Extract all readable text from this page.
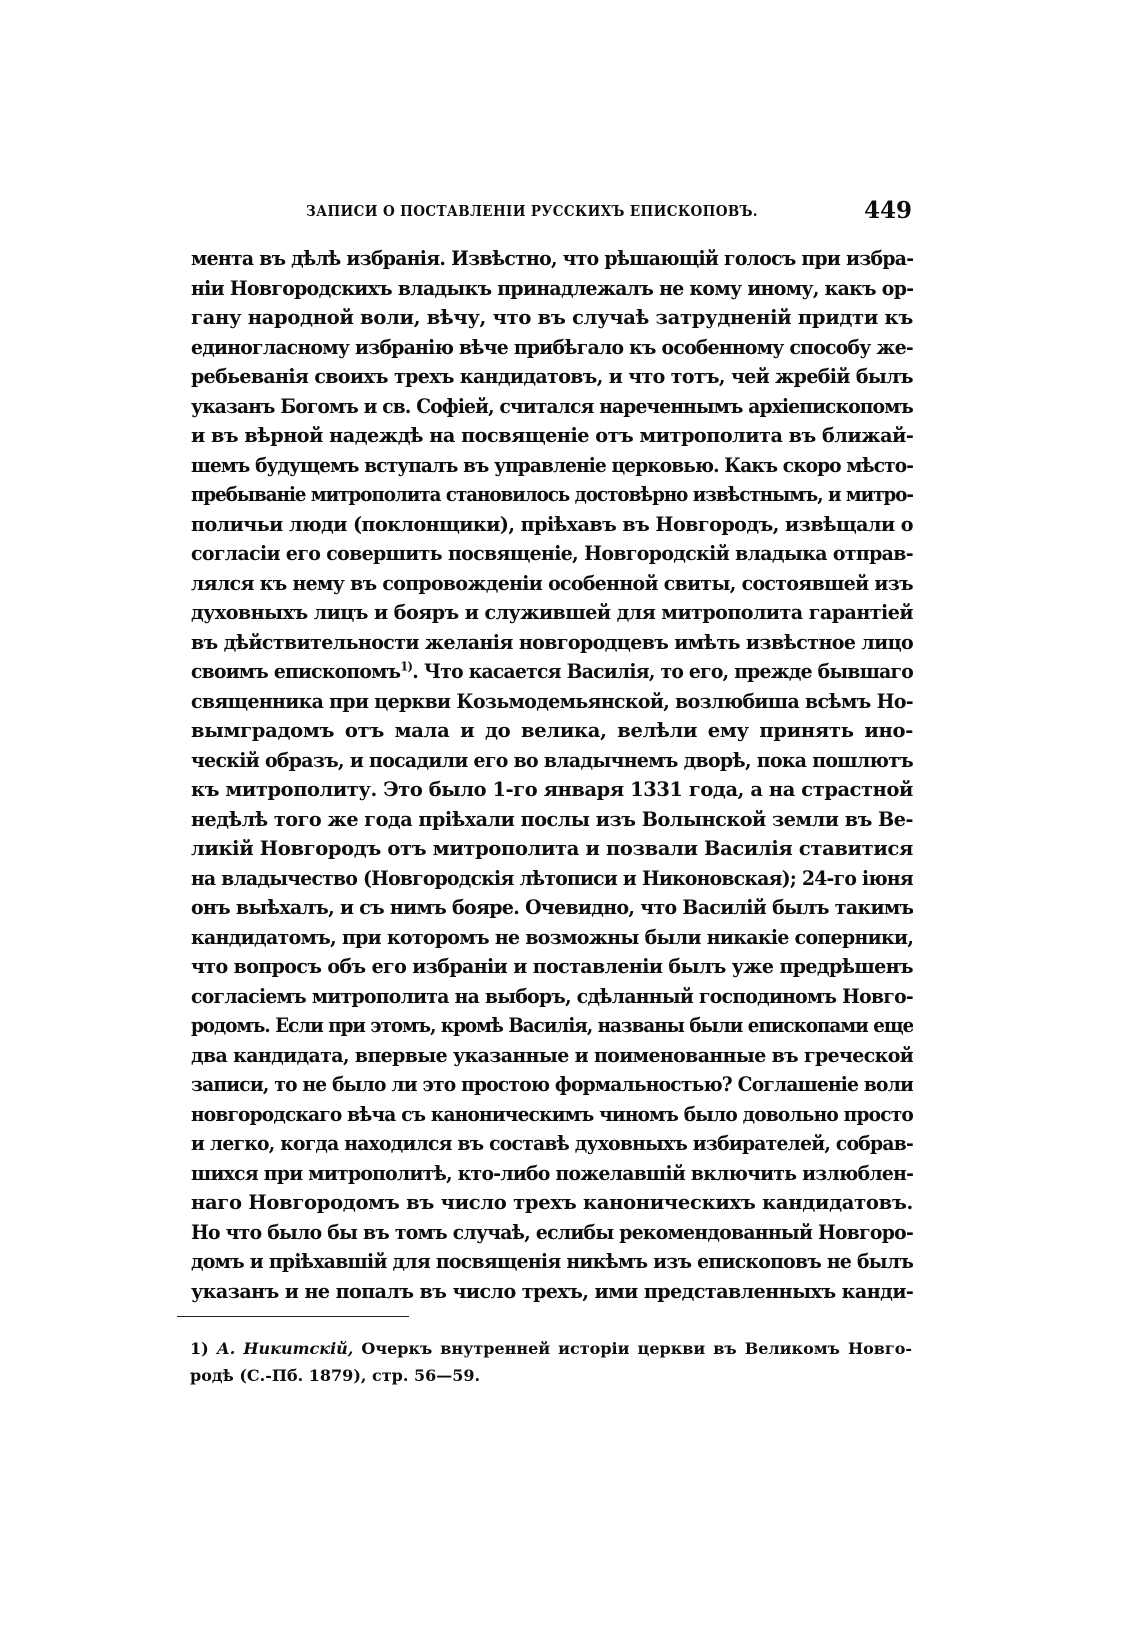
ЗАПИСИ О ПОСТАВЛЕНІИ РУССКИХЪ ЕПИСКОПОВЪ.	449
мента въ дѣлѣ избранія. Извѣстно, что рѣшающій голосъ при избра-
ніи Новгородскихъ владыкъ принадлежалъ не кому иному, какъ ор-
гану народной воли, вѣчу, что въ случаѣ затрудненій придти къ
единогласному избранію вѣче прибѣгало къ особенному способу же-
ребьеванія своихъ трехъ кандидатовъ, и что тотъ, чей жребій былъ
указанъ Богомъ и св. Софіей, считался нареченнымъ архіепископомъ
и въ вѣрной надеждѣ на посвященіе отъ митрополита въ ближай-
шемъ будущемъ вступалъ въ управленіе церковью. Какъ скоро мѣсто-
пребываніе митрополита становилось достовѣрно извѣстнымъ, и митро-
поличьи люди (поклонщики), пріѣхавъ въ Новгородъ, извѣщали о
согласіи его совершить посвященіе, Новгородскій владыка отправ-
лялся къ нему въ сопровожденіи особенной свиты, состоявшей изъ
духовныхъ лицъ и бояръ и служившей для митрополита гарантіей
въ дѣйствительности желанія новгородцевъ имѣть извѣстное лицо
своимъ епископомъ$^{1)}$. Что касается Василія, то его, прежде бывшаго
священника при церкви Козьмодемьянской, возлюбиша всѣмъ Но-
вымградомъ отъ мала и до велика, велѣли ему принять ино-
ческій образъ, и посадили его во владычнемъ дворѣ, пока пошлютъ
къ митрополиту. Это было 1-го января 1331 года, а на страстной
недѣлѣ того же года пріѣхали послы изъ Волынской земли въ Ве-
ликій Новгородъ отъ митрополита и позвали Василія ставитися
на владычество (Новгородскія лѣтописи и Никоновская); 24-го іюня
онъ выѣхалъ, и съ нимъ бояре. Очевидно, что Василій былъ такимъ
кандидатомъ, при которомъ не возможны были никакіе соперники,
что вопросъ объ его избраніи и поставленіи былъ уже предрѣшенъ
согласіемъ митрополита на выборъ, сдѣланный господиномъ Новго-
родомъ. Если при этомъ, кромѣ Василія, названы были епископами еще
два кандидата, впервые указанные и поименованные въ греческой
записи, то не было ли это простою формальностью? Соглашеніе воли
новгородскаго вѣча съ каноническимъ чиномъ было довольно просто
и легко, когда находился въ составѣ духовныхъ избирателей, собрав-
шихся при митрополитѣ, кто-либо пожелавшій включить излюблен-
наго Новгородомъ въ число трехъ каноническихъ кандидатовъ.
Но что было бы въ томъ случаѣ, еслибы рекомендованный Новгоро-
домъ и пріѣхавшій для посвященія никѣмъ изъ епископовъ не былъ
указанъ и не попалъ въ число трехъ, ими представленныхъ канди-
1) А. Никитскій, Очеркъ внутренней исторіи церкви въ Великомъ Новго-
родѣ (С.-Пб. 1879), стр. 56—59.
